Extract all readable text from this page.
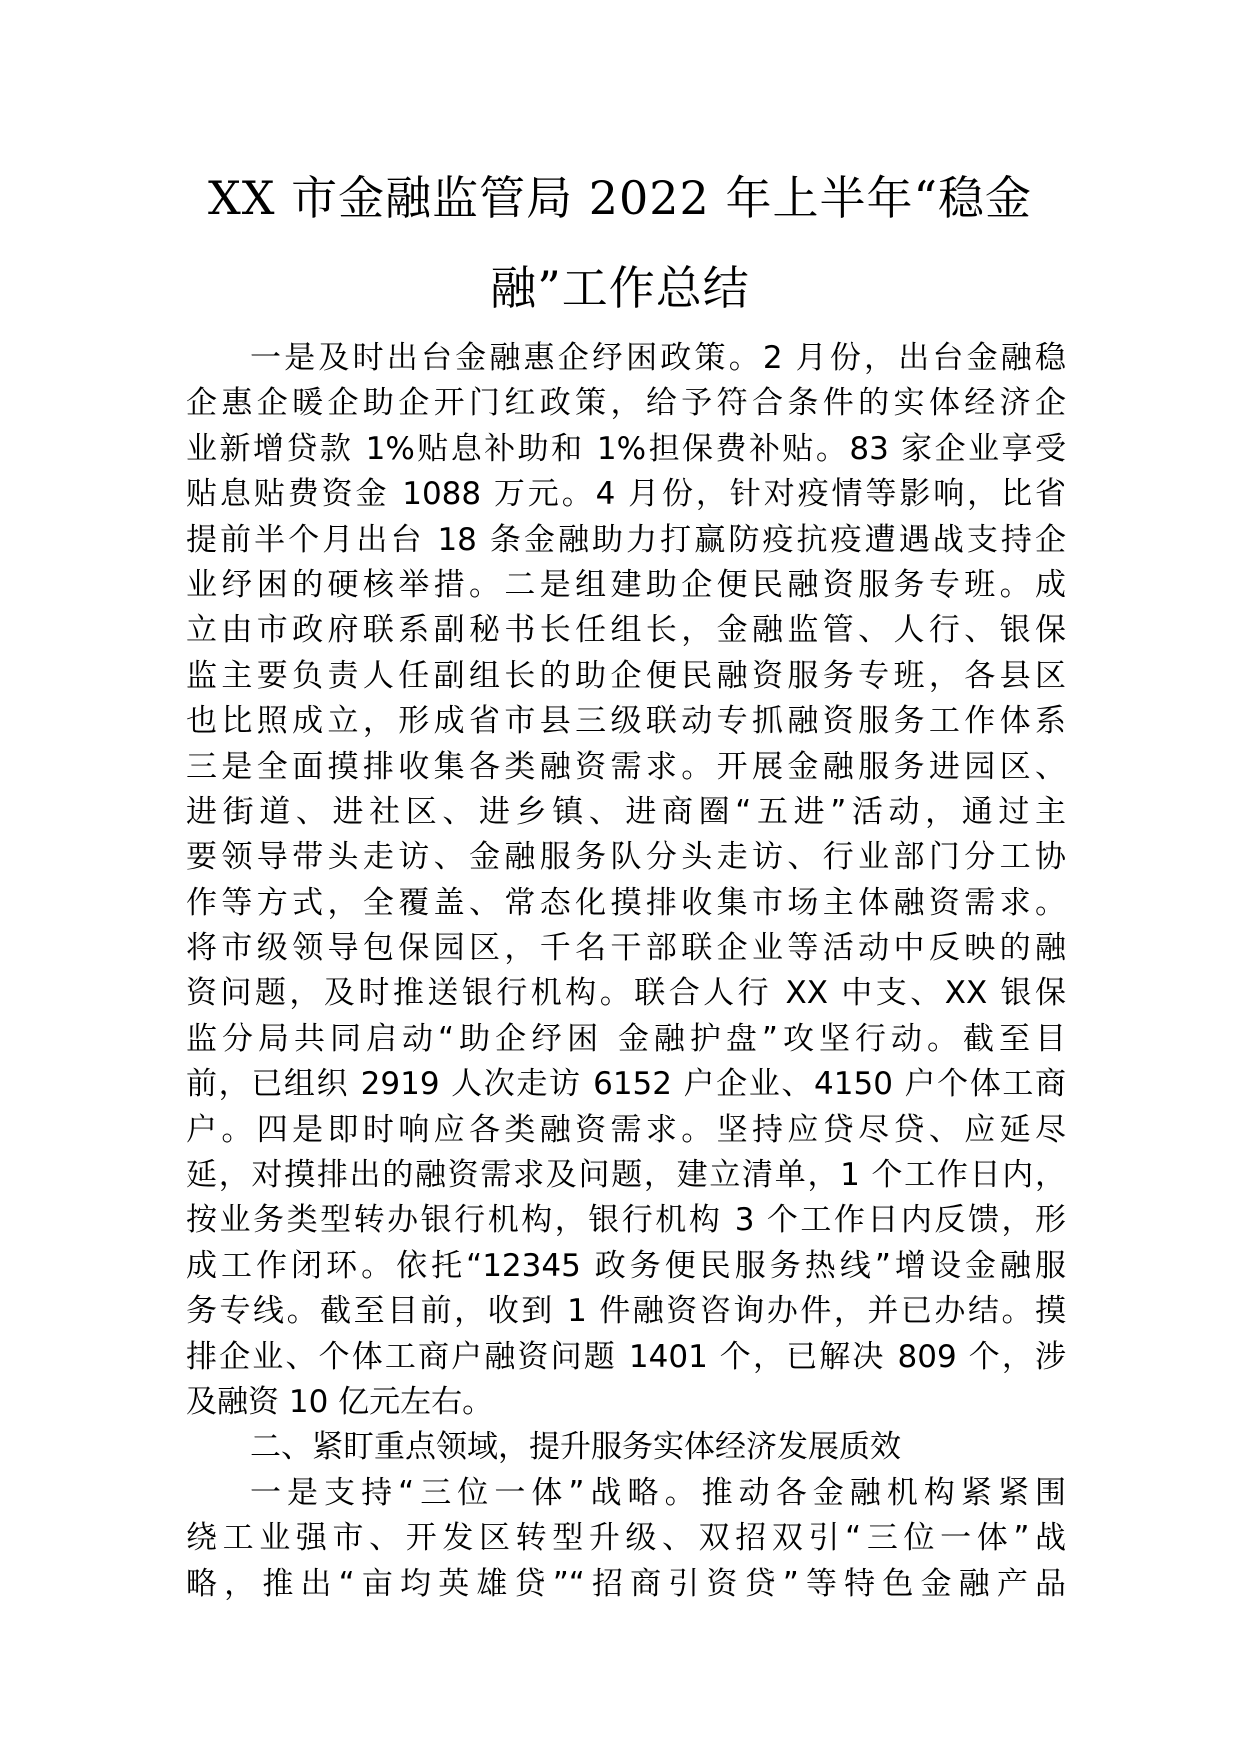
XX 市金融监管局 2022 年上半年“稳金
融”工作总结
一是及时出台金融惠企纾困政策。2 月份，出台金融稳
企惠企暖企助企开门红政策，给予符合条件的实体经济企
业新增贷款 1%贴息补助和 1%担保费补贴。83 家企业享受
贴息贴费资金 1088 万元。4 月份，针对疫情等影响，比省
提前半个月出台 18 条金融助力打赢防疫抗疫遭遇战支持企
业纾困的硬核举措。二是组建助企便民融资服务专班。成
立由市政府联系副秘书长任组长，金融监管、人行、银保
监主要负责人任副组长的助企便民融资服务专班，各县区
也比照成立，形成省市县三级联动专抓融资服务工作体系
三是全面摸排收集各类融资需求。开展金融服务进园区、
进街道、进社区、进乡镇、进商圈“五进”活动，通过主
要领导带头走访、金融服务队分头走访、行业部门分工协
作等方式，全覆盖、常态化摸排收集市场主体融资需求。
将市级领导包保园区，千名干部联企业等活动中反映的融
资问题，及时推送银行机构。联合人行 XX 中支、XX 银保
监分局共同启动“助企纾困 金融护盘”攻坚行动。截至目
前，已组织 2919 人次走访 6152 户企业、4150 户个体工商
户。四是即时响应各类融资需求。坚持应贷尽贷、应延尽
延，对摸排出的融资需求及问题，建立清单，1 个工作日内，
按业务类型转办银行机构，银行机构 3 个工作日内反馈，形
成工作闭环。依托“12345 政务便民服务热线”增设金融服
务专线。截至目前，收到 1 件融资咨询办件，并已办结。摸
排企业、个体工商户融资问题 1401 个，已解决 809 个，涉
及融资 10 亿元左右。
二、紧盯重点领域，提升服务实体经济发展质效
一是支持“三位一体”战略。推动各金融机构紧紧围
绕工业强市、开发区转型升级、双招双引“三位一体”战
略，推出“亩均英雄贷”“招商引资贷”等特色金融产品
